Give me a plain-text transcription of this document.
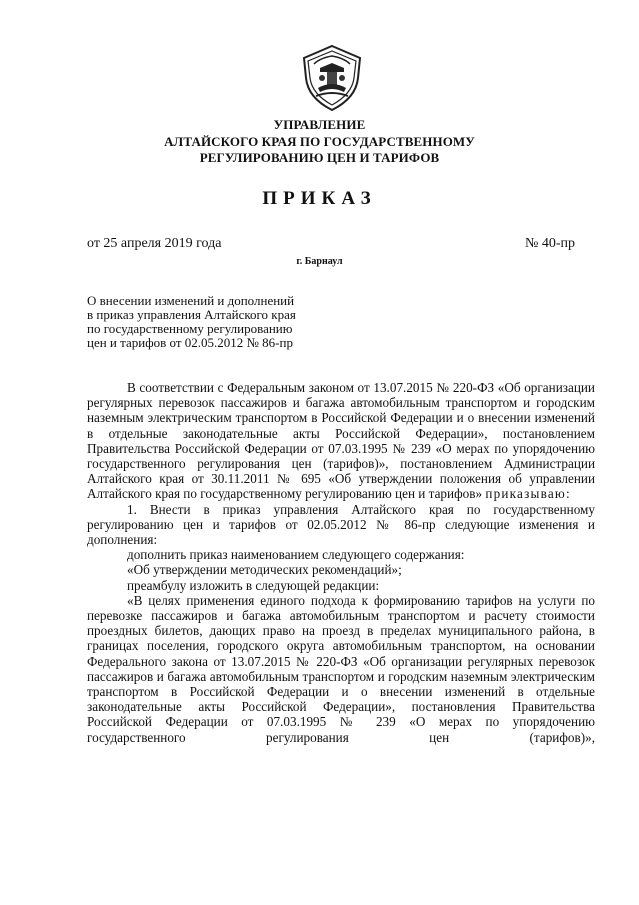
УПРАВЛЕНИЕ
АЛТАЙСКОГО КРАЯ ПО ГОСУДАРСТВЕННОМУ
РЕГУЛИРОВАНИЮ ЦЕН И ТАРИФОВ
ПРИКАЗ
от 25 апреля 2019 года	№ 40-пр
г. Барнаул
О внесении изменений и дополнений
в приказ управления Алтайского края
по государственному регулированию
цен и тарифов от 02.05.2012 № 86-пр

В соответствии с Федеральным законом от 13.07.2015 № 220-ФЗ «Об организации регулярных перевозок пассажиров и багажа автомобильным транспортом и городским наземным электрическим транспортом в Российской Федерации и о внесении изменений в отдельные законодательные акты Российской Федерации», постановлением Правительства Российской Федерации от 07.03.1995 № 239 «О мерах по упорядочению государственного регулирования цен (тарифов)», постановлением Администрации Алтайского края от 30.11.2011 № 695 «Об утверждении положения об управлении Алтайского края по государственному регулированию цен и тарифов» приказываю:

1. Внести в приказ управления Алтайского края по государственному регулированию цен и тарифов от 02.05.2012 № 86-пр следующие изменения и дополнения:

дополнить приказ наименованием следующего содержания:

«Об утверждении методических рекомендаций»;

преамбулу изложить в следующей редакции:

«В целях применения единого подхода к формированию тарифов на услуги по перевозке пассажиров и багажа автомобильным транспортом и расчету стоимости проездных билетов, дающих право на проезд в пределах муниципального района, в границах поселения, городского округа автомобильным транспортом, на основании Федерального закона от 13.07.2015 № 220-ФЗ «Об организации регулярных перевозок пассажиров и багажа автомобильным транспортом и городским наземным электрическим транспортом в Российской Федерации и о внесении изменений в отдельные законодательные акты Российской Федерации», постановления Правительства Российской Федерации от 07.03.1995 № 239 «О мерах по упорядочению государственного регулирования цен (тарифов)»,
